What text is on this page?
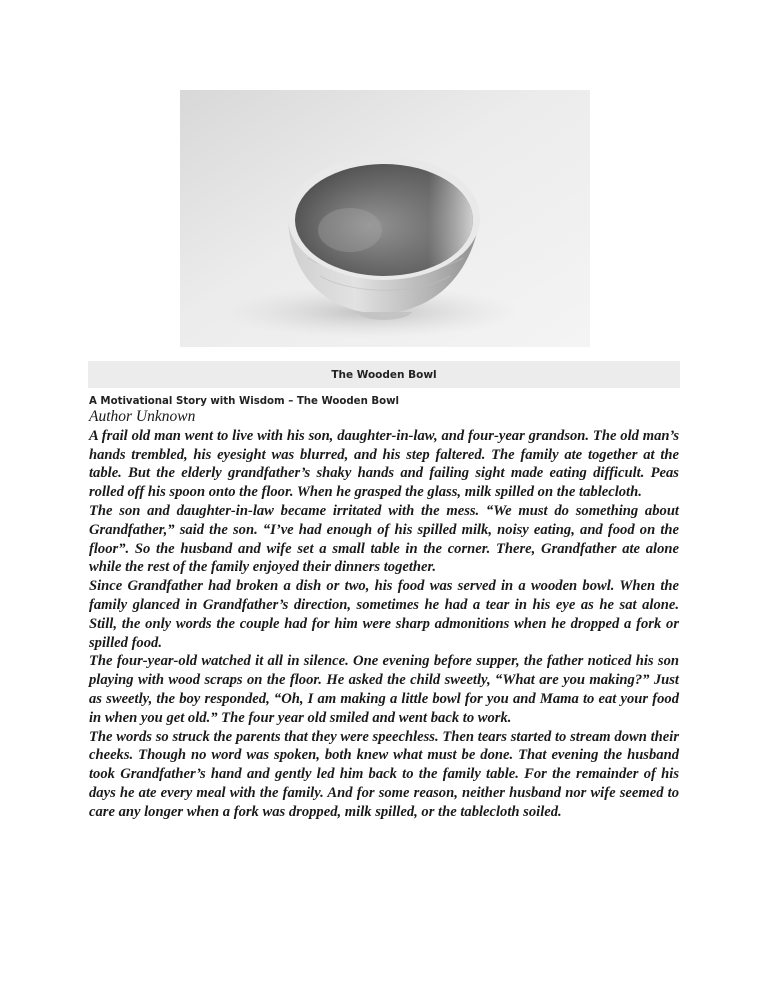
The Wooden Bowl
A Motivational Story with Wisdom – The Wooden Bowl

Author Unknown

A frail old man went to live with his son, daughter-in-law, and four-year grandson. The old man’s hands trembled, his eyesight was blurred, and his step faltered. The family ate together at the table. But the elderly grandfather’s shaky hands and failing sight made eating difficult. Peas rolled off his spoon onto the floor. When he grasped the glass, milk spilled on the tablecloth.

The son and daughter-in-law became irritated with the mess. “We must do something about Grandfather,” said the son. “I’ve had enough of his spilled milk, noisy eating, and food on the floor”. So the husband and wife set a small table in the corner. There, Grandfather ate alone while the rest of the family enjoyed their dinners together.

Since Grandfather had broken a dish or two, his food was served in a wooden bowl. When the family glanced in Grandfather’s direction, sometimes he had a tear in his eye as he sat alone. Still, the only words the couple had for him were sharp admonitions when he dropped a fork or spilled food.

The four-year-old watched it all in silence. One evening before supper, the father noticed his son playing with wood scraps on the floor. He asked the child sweetly, “What are you making?” Just as sweetly, the boy responded, “Oh, I am making a little bowl for you and Mama to eat your food in when you get old.” The four year old smiled and went back to work.

The words so struck the parents that they were speechless. Then tears started to stream down their cheeks. Though no word was spoken, both knew what must be done. That evening the husband took Grandfather’s hand and gently led him back to the family table. For the remainder of his days he ate every meal with the family. And for some reason, neither husband nor wife seemed to care any longer when a fork was dropped, milk spilled, or the tablecloth soiled.
